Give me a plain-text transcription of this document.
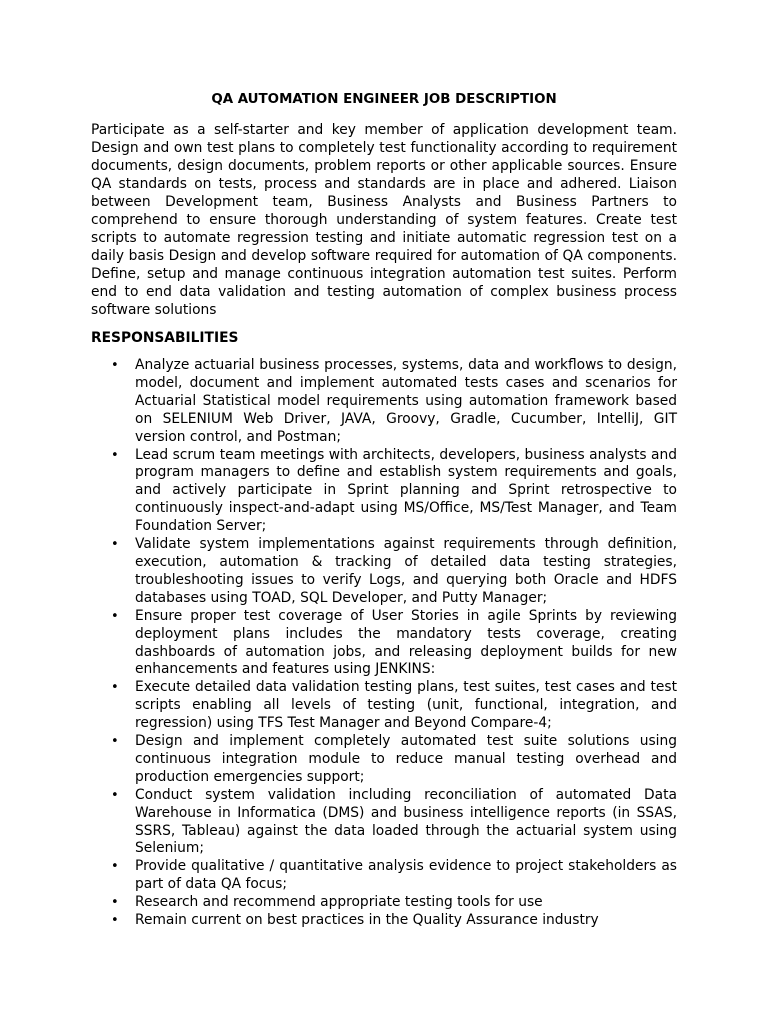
QA AUTOMATION ENGINEER JOB DESCRIPTION
Participate as a self-starter and key member of application development team. Design and own test plans to completely test functionality according to requirement documents, design documents, problem reports or other applicable sources. Ensure QA standards on tests, process and standards are in place and adhered. Liaison between Development team, Business Analysts and Business Partners to comprehend to ensure thorough understanding of system features. Create test scripts to automate regression testing and initiate automatic regression test on a daily basis Design and develop software required for automation of QA components. Define, setup and manage continuous integration automation test suites. Perform end to end data validation and testing automation of complex business process software solutions
RESPONSABILITIES
• Analyze actuarial business processes, systems, data and workflows to design, model, document and implement automated tests cases and scenarios for Actuarial Statistical model requirements using automation framework based on SELENIUM Web Driver, JAVA, Groovy, Gradle, Cucumber, IntelliJ, GIT version control, and Postman;
• Lead scrum team meetings with architects, developers, business analysts and program managers to define and establish system requirements and goals, and actively participate in Sprint planning and Sprint retrospective to continuously inspect-and-adapt using MS/Office, MS/Test Manager, and Team Foundation Server;
• Validate system implementations against requirements through definition, execution, automation & tracking of detailed data testing strategies, troubleshooting issues to verify Logs, and querying both Oracle and HDFS databases using TOAD, SQL Developer, and Putty Manager;
• Ensure proper test coverage of User Stories in agile Sprints by reviewing deployment plans includes the mandatory tests coverage, creating dashboards of automation jobs, and releasing deployment builds for new enhancements and features using JENKINS:
• Execute detailed data validation testing plans, test suites, test cases and test scripts enabling all levels of testing (unit, functional, integration, and regression) using TFS Test Manager and Beyond Compare-4;
• Design and implement completely automated test suite solutions using continuous integration module to reduce manual testing overhead and production emergencies support;
• Conduct system validation including reconciliation of automated Data Warehouse in Informatica (DMS) and business intelligence reports (in SSAS, SSRS, Tableau) against the data loaded through the actuarial system using Selenium;
• Provide qualitative / quantitative analysis evidence to project stakeholders as part of data QA focus;
• Research and recommend appropriate testing tools for use
• Remain current on best practices in the Quality Assurance industry
